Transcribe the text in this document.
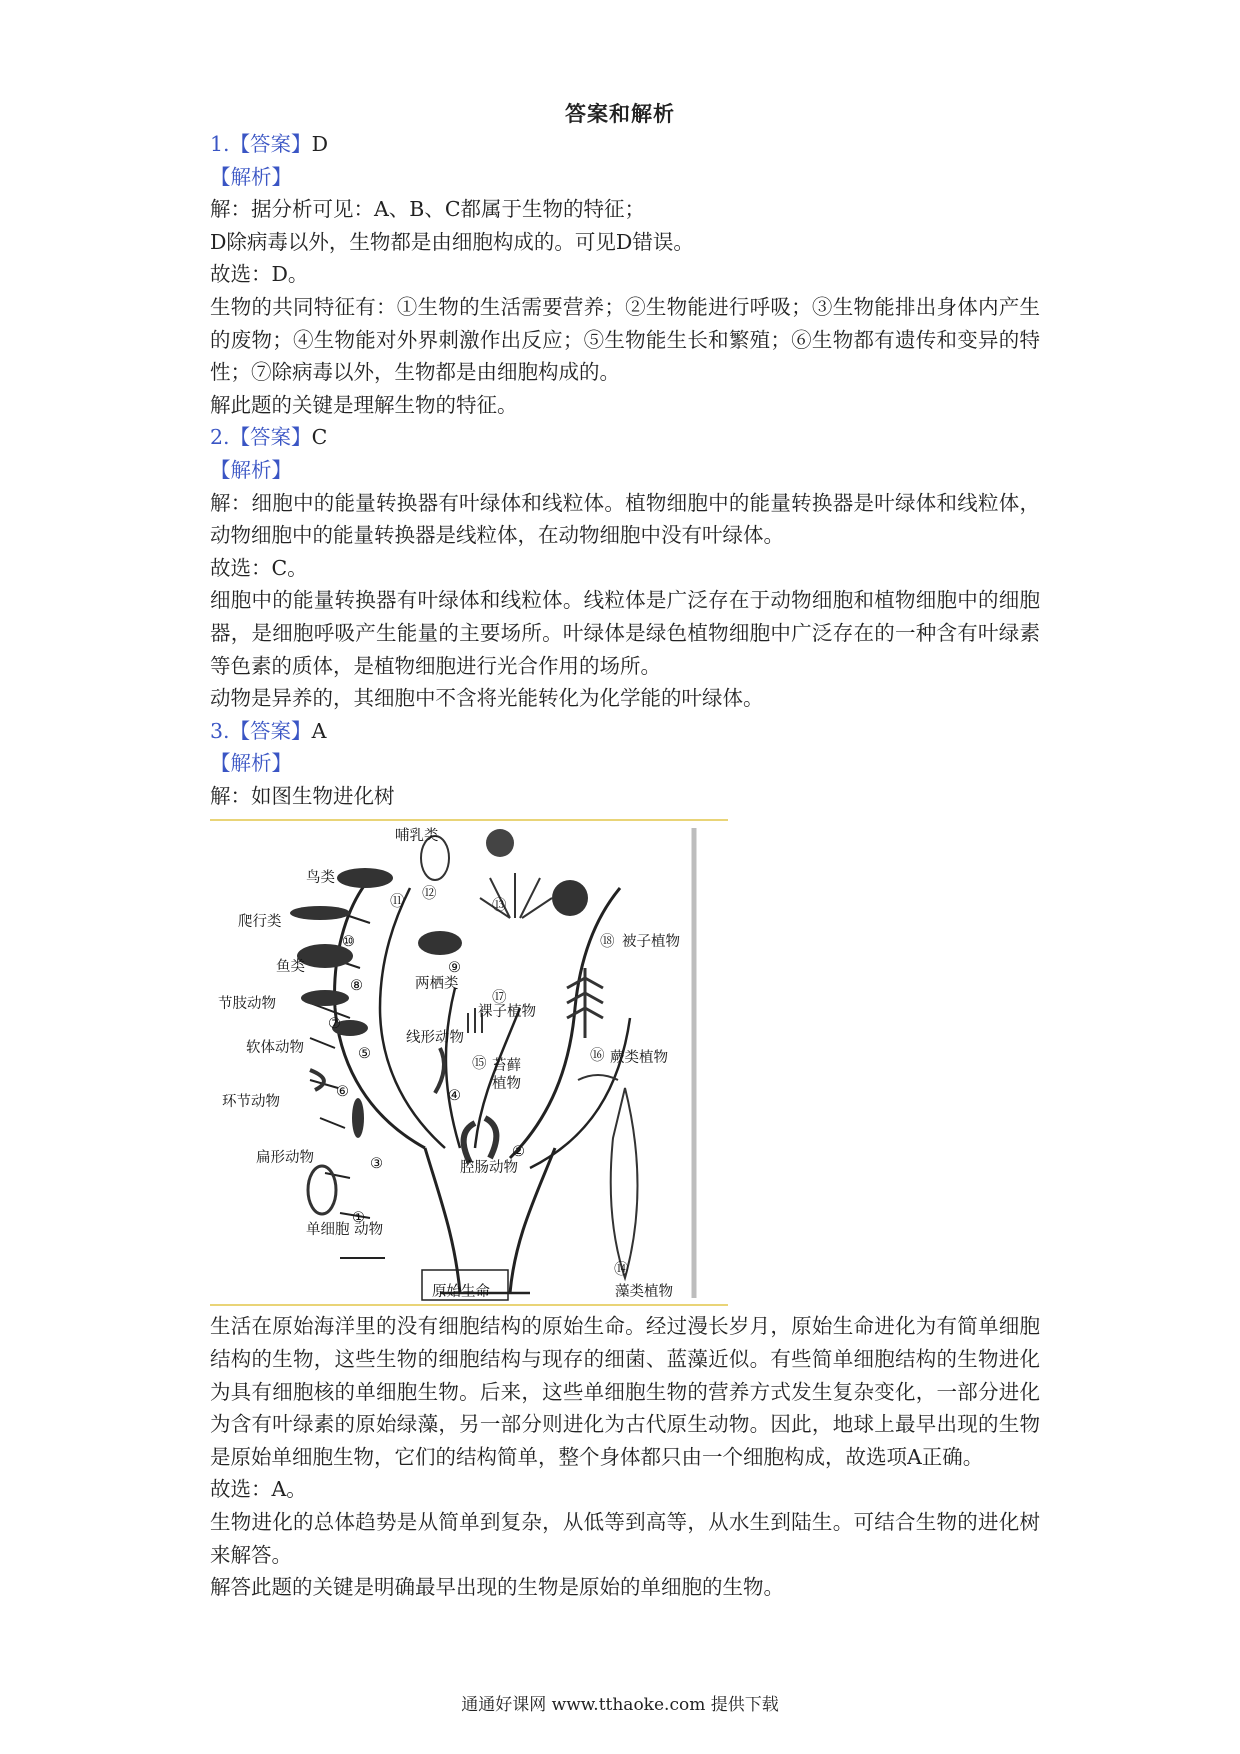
答案和解析
1.【答案】D
【解析】
解：据分析可见：A、B、C都属于生物的特征；
D除病毒以外，生物都是由细胞构成的。可见D错误。
故选：D。
生物的共同特征有：①生物的生活需要营养；②生物能进行呼吸；③生物能排出身体内产生的废物；④生物能对外界刺激作出反应；⑤生物能生长和繁殖；⑥生物都有遗传和变异的特性；⑦除病毒以外，生物都是由细胞构成的。
解此题的关键是理解生物的特征。
2.【答案】C
【解析】
解：细胞中的能量转换器有叶绿体和线粒体。植物细胞中的能量转换器是叶绿体和线粒体，动物细胞中的能量转换器是线粒体，在动物细胞中没有叶绿体。
故选：C。
细胞中的能量转换器有叶绿体和线粒体。线粒体是广泛存在于动物细胞和植物细胞中的细胞器，是细胞呼吸产生能量的主要场所。叶绿体是绿色植物细胞中广泛存在的一种含有叶绿素等色素的质体，是植物细胞进行光合作用的场所。
动物是异养的，其细胞中不含将光能转化为化学能的叶绿体。
3.【答案】A
【解析】
解：如图生物进化树
哺乳类
鸟类
爬行类
鱼类
两栖类
节肢动物	裸子植物
被子植物
软体动物
线形动物
苔藓
植物
蕨类植物
环节动物
腔肠动物
扁形动物
单细胞 动物
原始生命	藻类植物
①
②
③
④
⑤
⑥
⑦
⑧
⑨
⑩
⑪ ⑫
⑬
⑭
⑮	⑯
⑰
⑱
生活在原始海洋里的没有细胞结构的原始生命。经过漫长岁月，原始生命进化为有简单细胞结构的生物，这些生物的细胞结构与现存的细菌、蓝藻近似。有些简单细胞结构的生物进化为具有细胞核的单细胞生物。后来，这些单细胞生物的营养方式发生复杂变化，一部分进化为含有叶绿素的原始绿藻，另一部分则进化为古代原生动物。因此，地球上最早出现的生物是原始单细胞生物，它们的结构简单，整个身体都只由一个细胞构成，故选项A正确。
故选：A。
生物进化的总体趋势是从简单到复杂，从低等到高等，从水生到陆生。可结合生物的进化树来解答。
解答此题的关键是明确最早出现的生物是原始的单细胞的生物。
通通好课网 www.tthaoke.com 提供下载
